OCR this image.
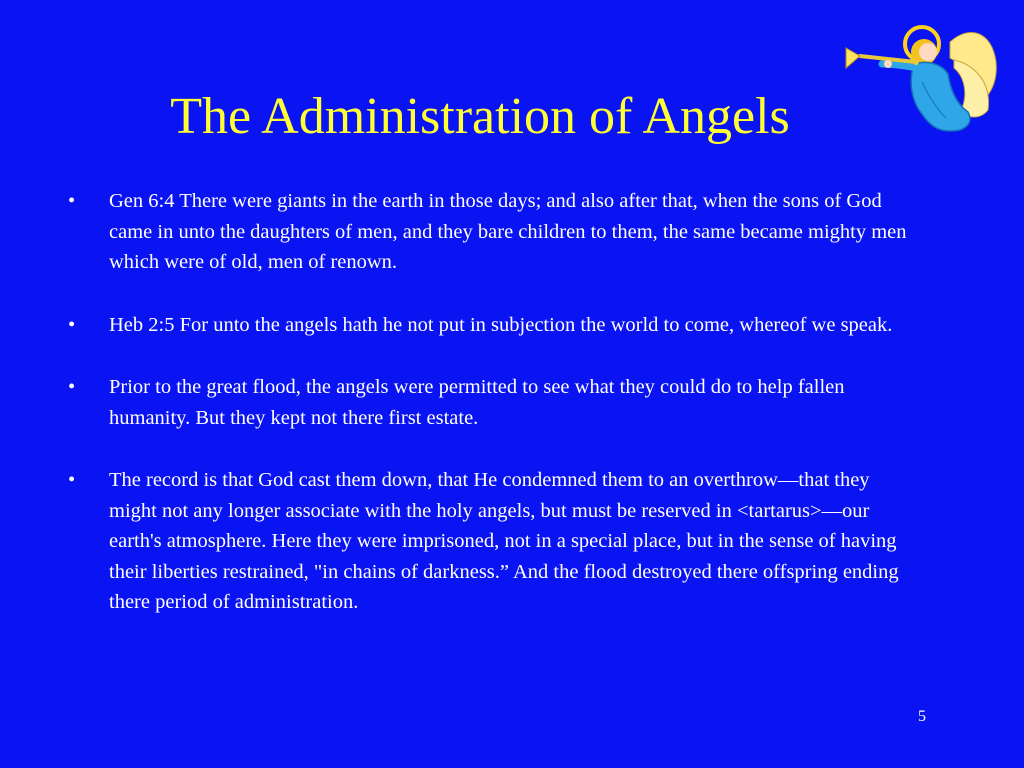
The Administration of Angels
• Gen 6:4 There were giants in the earth in those days; and also after that, when the sons of God came in unto the daughters of men, and they bare children to them, the same became mighty men which were of old, men of renown.
• Heb 2:5 For unto the angels hath he not put in subjection the world to come, whereof we speak.
• Prior to the great flood, the angels were permitted to see what they could do to help fallen humanity. But they kept not there first estate.
• The record is that God cast them down, that He condemned them to an overthrow—that they might not any longer associate with the holy angels, but must be reserved in <tartarus>—our earth's atmosphere. Here they were imprisoned, not in a special place, but in the sense of having their liberties restrained, "in chains of darkness.” And the flood destroyed there offspring ending there period of administration.
5
